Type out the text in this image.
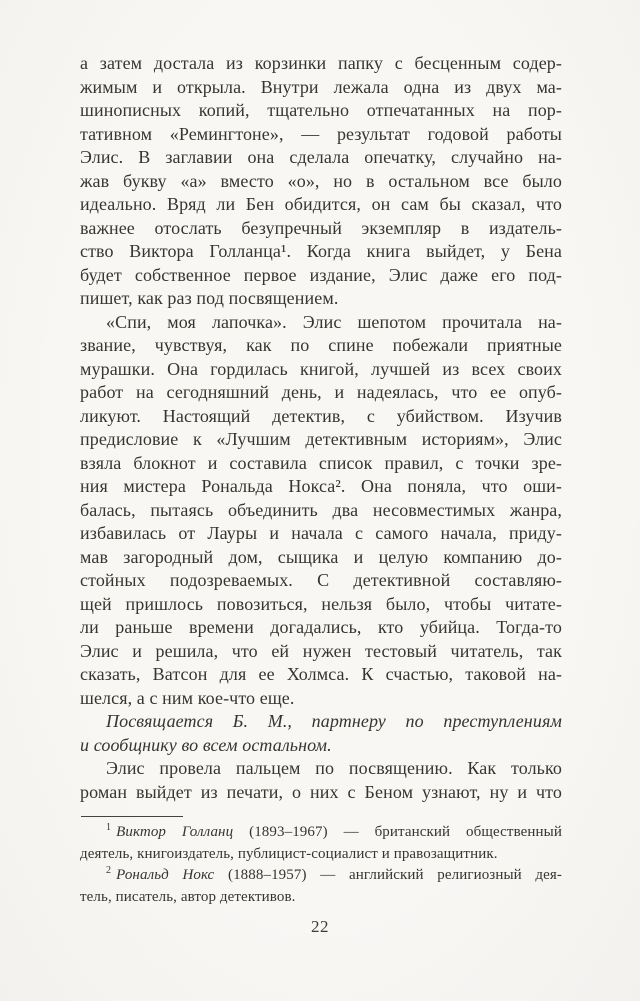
а затем достала из корзинки папку с бесценным содер-
жимым и открыла. Внутри лежала одна из двух ма-
шинописных копий, тщательно отпечатанных на пор-
тативном «Ремингтоне», — результат годовой работы
Элис. В заглавии она сделала опечатку, случайно на-
жав букву «а» вместо «о», но в остальном все было
идеально. Вряд ли Бен обидится, он сам бы сказал, что
важнее отослать безупречный экземпляр в издатель-
ство Виктора Голланца¹. Когда книга выйдет, у Бена
будет собственное первое издание, Элис даже его под-
пишет, как раз под посвящением.
«Спи, моя лапочка». Элис шепотом прочитала на-
звание, чувствуя, как по спине побежали приятные
мурашки. Она гордилась книгой, лучшей из всех своих
работ на сегодняшний день, и надеялась, что ее опуб-
ликуют. Настоящий детектив, с убийством. Изучив
предисловие к «Лучшим детективным историям», Элис
взяла блокнот и составила список правил, с точки зре-
ния мистера Рональда Нокса². Она поняла, что оши-
балась, пытаясь объединить два несовместимых жанра,
избавилась от Лауры и начала с самого начала, приду-
мав загородный дом, сыщика и целую компанию до-
стойных подозреваемых. С детективной составляю-
щей пришлось повозиться, нельзя было, чтобы читате-
ли раньше времени догадались, кто убийца. Тогда-то
Элис и решила, что ей нужен тестовый читатель, так
сказать, Ватсон для ее Холмса. К счастью, таковой на-
шелся, а с ним кое-что еще.
Посвящается Б. М., партнеру по преступлениям
и сообщнику во всем остальном.
Элис провела пальцем по посвящению. Как только
роман выйдет из печати, о них с Беном узнают, ну и что
$^1$ Виктор Голланц (1893–1967) — британский общественный
деятель, книгоиздатель, публицист-социалист и правозащитник.
$^2$ Рональд Нокс (1888–1957) — английский религиозный дея-
тель, писатель, автор детективов.
22
